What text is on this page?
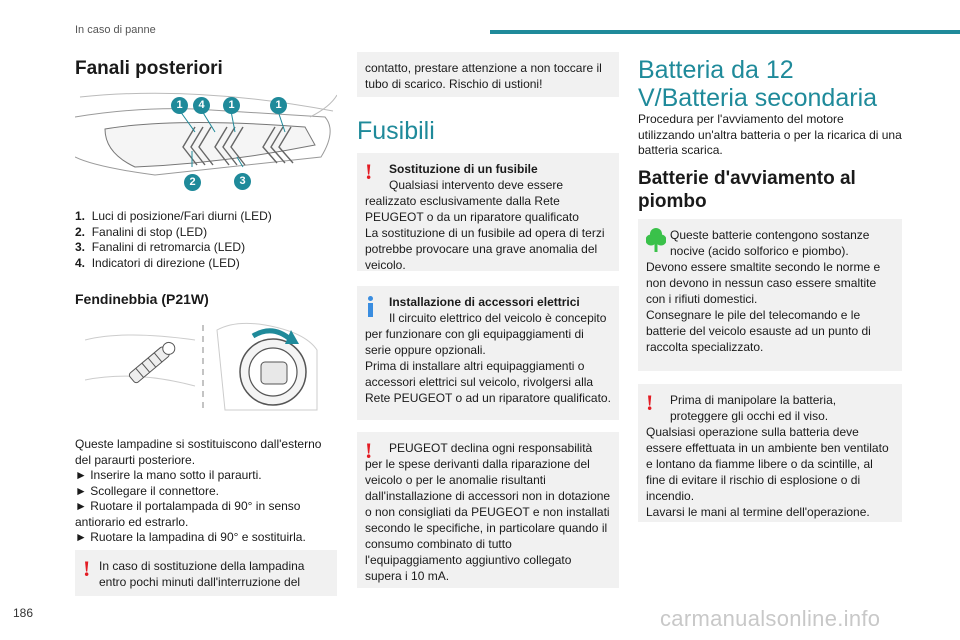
In caso di panne
Fanali posteriori
1	4	1	1
2	3
1. Luci di posizione/Fari diurni (LED)
2. Fanalini di stop (LED)
3. Fanalini di retromarcia (LED)
4. Indicatori di direzione (LED)
Fendinebbia (P21W)
Queste lampadine si sostituiscono dall'esterno del paraurti posteriore.
► Inserire la mano sotto il paraurti.
► Scollegare il connettore.
► Ruotare il portalampada di 90° in senso antiorario ed estrarlo.
► Ruotare la lampadina di 90° e sostituirla.
! In caso di sostituzione della lampadina entro pochi minuti dall'interruzione del
contatto, prestare attenzione a non toccare il tubo di scarico. Rischio di ustioni!
Fusibili
!	Sostituzione di un fusibile
Qualsiasi intervento deve essere realizzato esclusivamente dalla Rete PEUGEOT o da un riparatore qualificato
La sostituzione di un fusibile ad opera di terzi potrebbe provocare una grave anomalia del veicolo.
Installazione di accessori elettrici
Il circuito elettrico del veicolo è concepito per funzionare con gli equipaggiamenti di serie oppure opzionali.
Prima di installare altri equipaggiamenti o accessori elettrici sul veicolo, rivolgersi alla Rete PEUGEOT o ad un riparatore qualificato.
!	PEUGEOT declina ogni responsabilità per le spese derivanti dalla riparazione del veicolo o per le anomalie risultanti dall'installazione di accessori non in dotazione o non consigliati da PEUGEOT e non installati secondo le specifiche, in particolare quando il consumo combinato di tutto l'equipaggiamento aggiuntivo collegato supera i 10 mA.
Batteria da 12 V/Batteria secondaria
Procedura per l'avviamento del motore utilizzando un'altra batteria o per la ricarica di una batteria scarica.
Batterie d'avviamento al piombo
Queste batterie contengono sostanze nocive (acido solforico e piombo).
Devono essere smaltite secondo le norme e non devono in nessun caso essere smaltite con i rifiuti domestici.
Consegnare le pile del telecomando e le batterie del veicolo esauste ad un punto di raccolta specializzato.
!	Prima di manipolare la batteria, proteggere gli occhi ed il viso.
Qualsiasi operazione sulla batteria deve essere effettuata in un ambiente ben ventilato e lontano da fiamme libere o da scintille, al fine di evitare il rischio di esplosione o di incendio.
Lavarsi le mani al termine dell'operazione.
186	carmanualsonline.info
